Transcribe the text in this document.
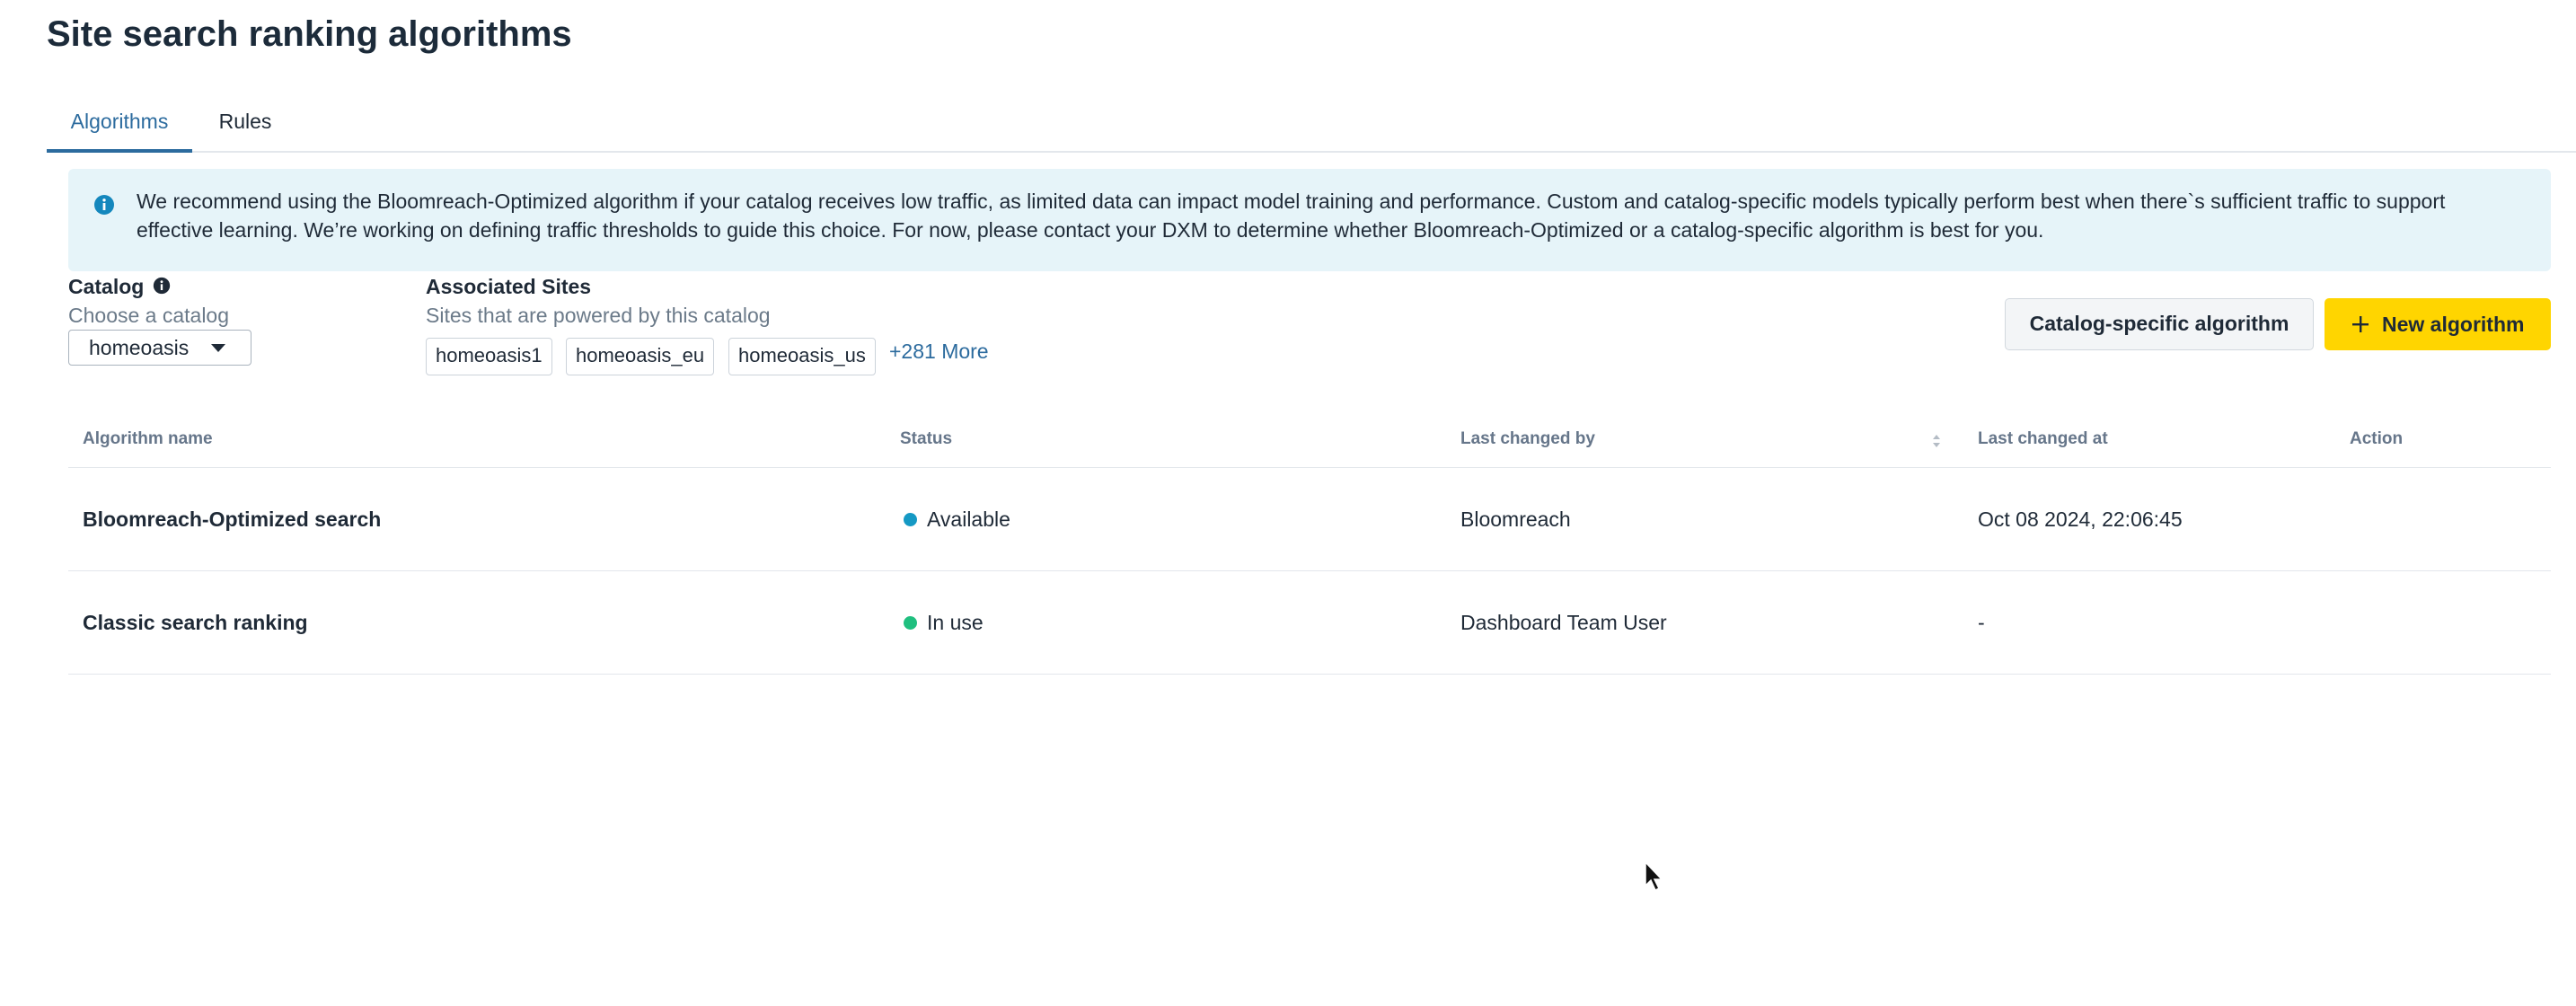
Site search ranking algorithms
Algorithms	Rules
We recommend using the Bloomreach-Optimized algorithm if your catalog receives low traffic, as limited data can impact model training and performance. Custom and catalog-specific models typically perform best when there`s sufficient traffic to support effective learning. We’re working on defining traffic thresholds to guide this choice. For now, please contact your DXM to determine whether Bloomreach-Optimized or a catalog-specific algorithm is best for you.
Catalog
Choose a catalog
homeoasis
Associated Sites
Sites that are powered by this catalog
homeoasis1	homeoasis_eu	homeoasis_us	+281 More
Catalog-specific algorithm	New algorithm
Algorithm name	Status	Last changed by	Last changed at	Action
Bloomreach-Optimized search	Available	Bloomreach	Oct 08 2024, 22:06:45
Classic search ranking	In use	Dashboard Team User	-
